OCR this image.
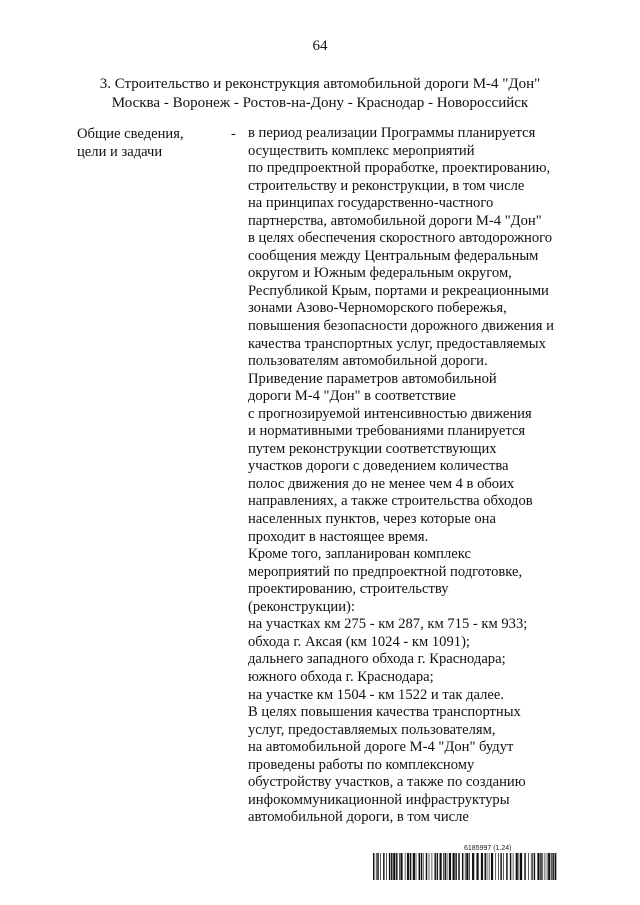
64
3. Строительство и реконструкция автомобильной дороги М-4 "Дон"
Москва - Воронеж - Ростов-на-Дону - Краснодар - Новороссийск
Общие сведения,
цели и задачи
- в период реализации Программы планируется
осуществить комплекс мероприятий
по предпроектной проработке, проектированию,
строительству и реконструкции, в том числе
на принципах государственно-частного
партнерства, автомобильной дороги М-4 "Дон"
в целях обеспечения скоростного автодорожного
сообщения между Центральным федеральным
округом и Южным федеральным округом,
Республикой Крым, портами и рекреационными
зонами Азово-Черноморского побережья,
повышения безопасности дорожного движения и
качества транспортных услуг, предоставляемых
пользователям автомобильной дороги.
Приведение параметров автомобильной
дороги М-4 "Дон" в соответствие
с прогнозируемой интенсивностью движения
и нормативными требованиями планируется
путем реконструкции соответствующих
участков дороги с доведением количества
полос движения до не менее чем 4 в обоих
направлениях, а также строительства обходов
населенных пунктов, через которые она
проходит в настоящее время.
Кроме того, запланирован комплекс
мероприятий по предпроектной подготовке,
проектированию, строительству
(реконструкции):
на участках км 275 - км 287, км 715 - км 933;
обхода г. Аксая (км 1024 - км 1091);
дальнего западного обхода г. Краснодара;
южного обхода г. Краснодара;
на участке км 1504 - км 1522 и так далее.
В целях повышения качества транспортных
услуг, предоставляемых пользователям,
на автомобильной дороге М-4 "Дон" будут
проведены работы по комплексному
обустройству участков, а также по созданию
инфокоммуникационной инфраструктуры
автомобильной дороги, в том числе
6185997 (1.24)
